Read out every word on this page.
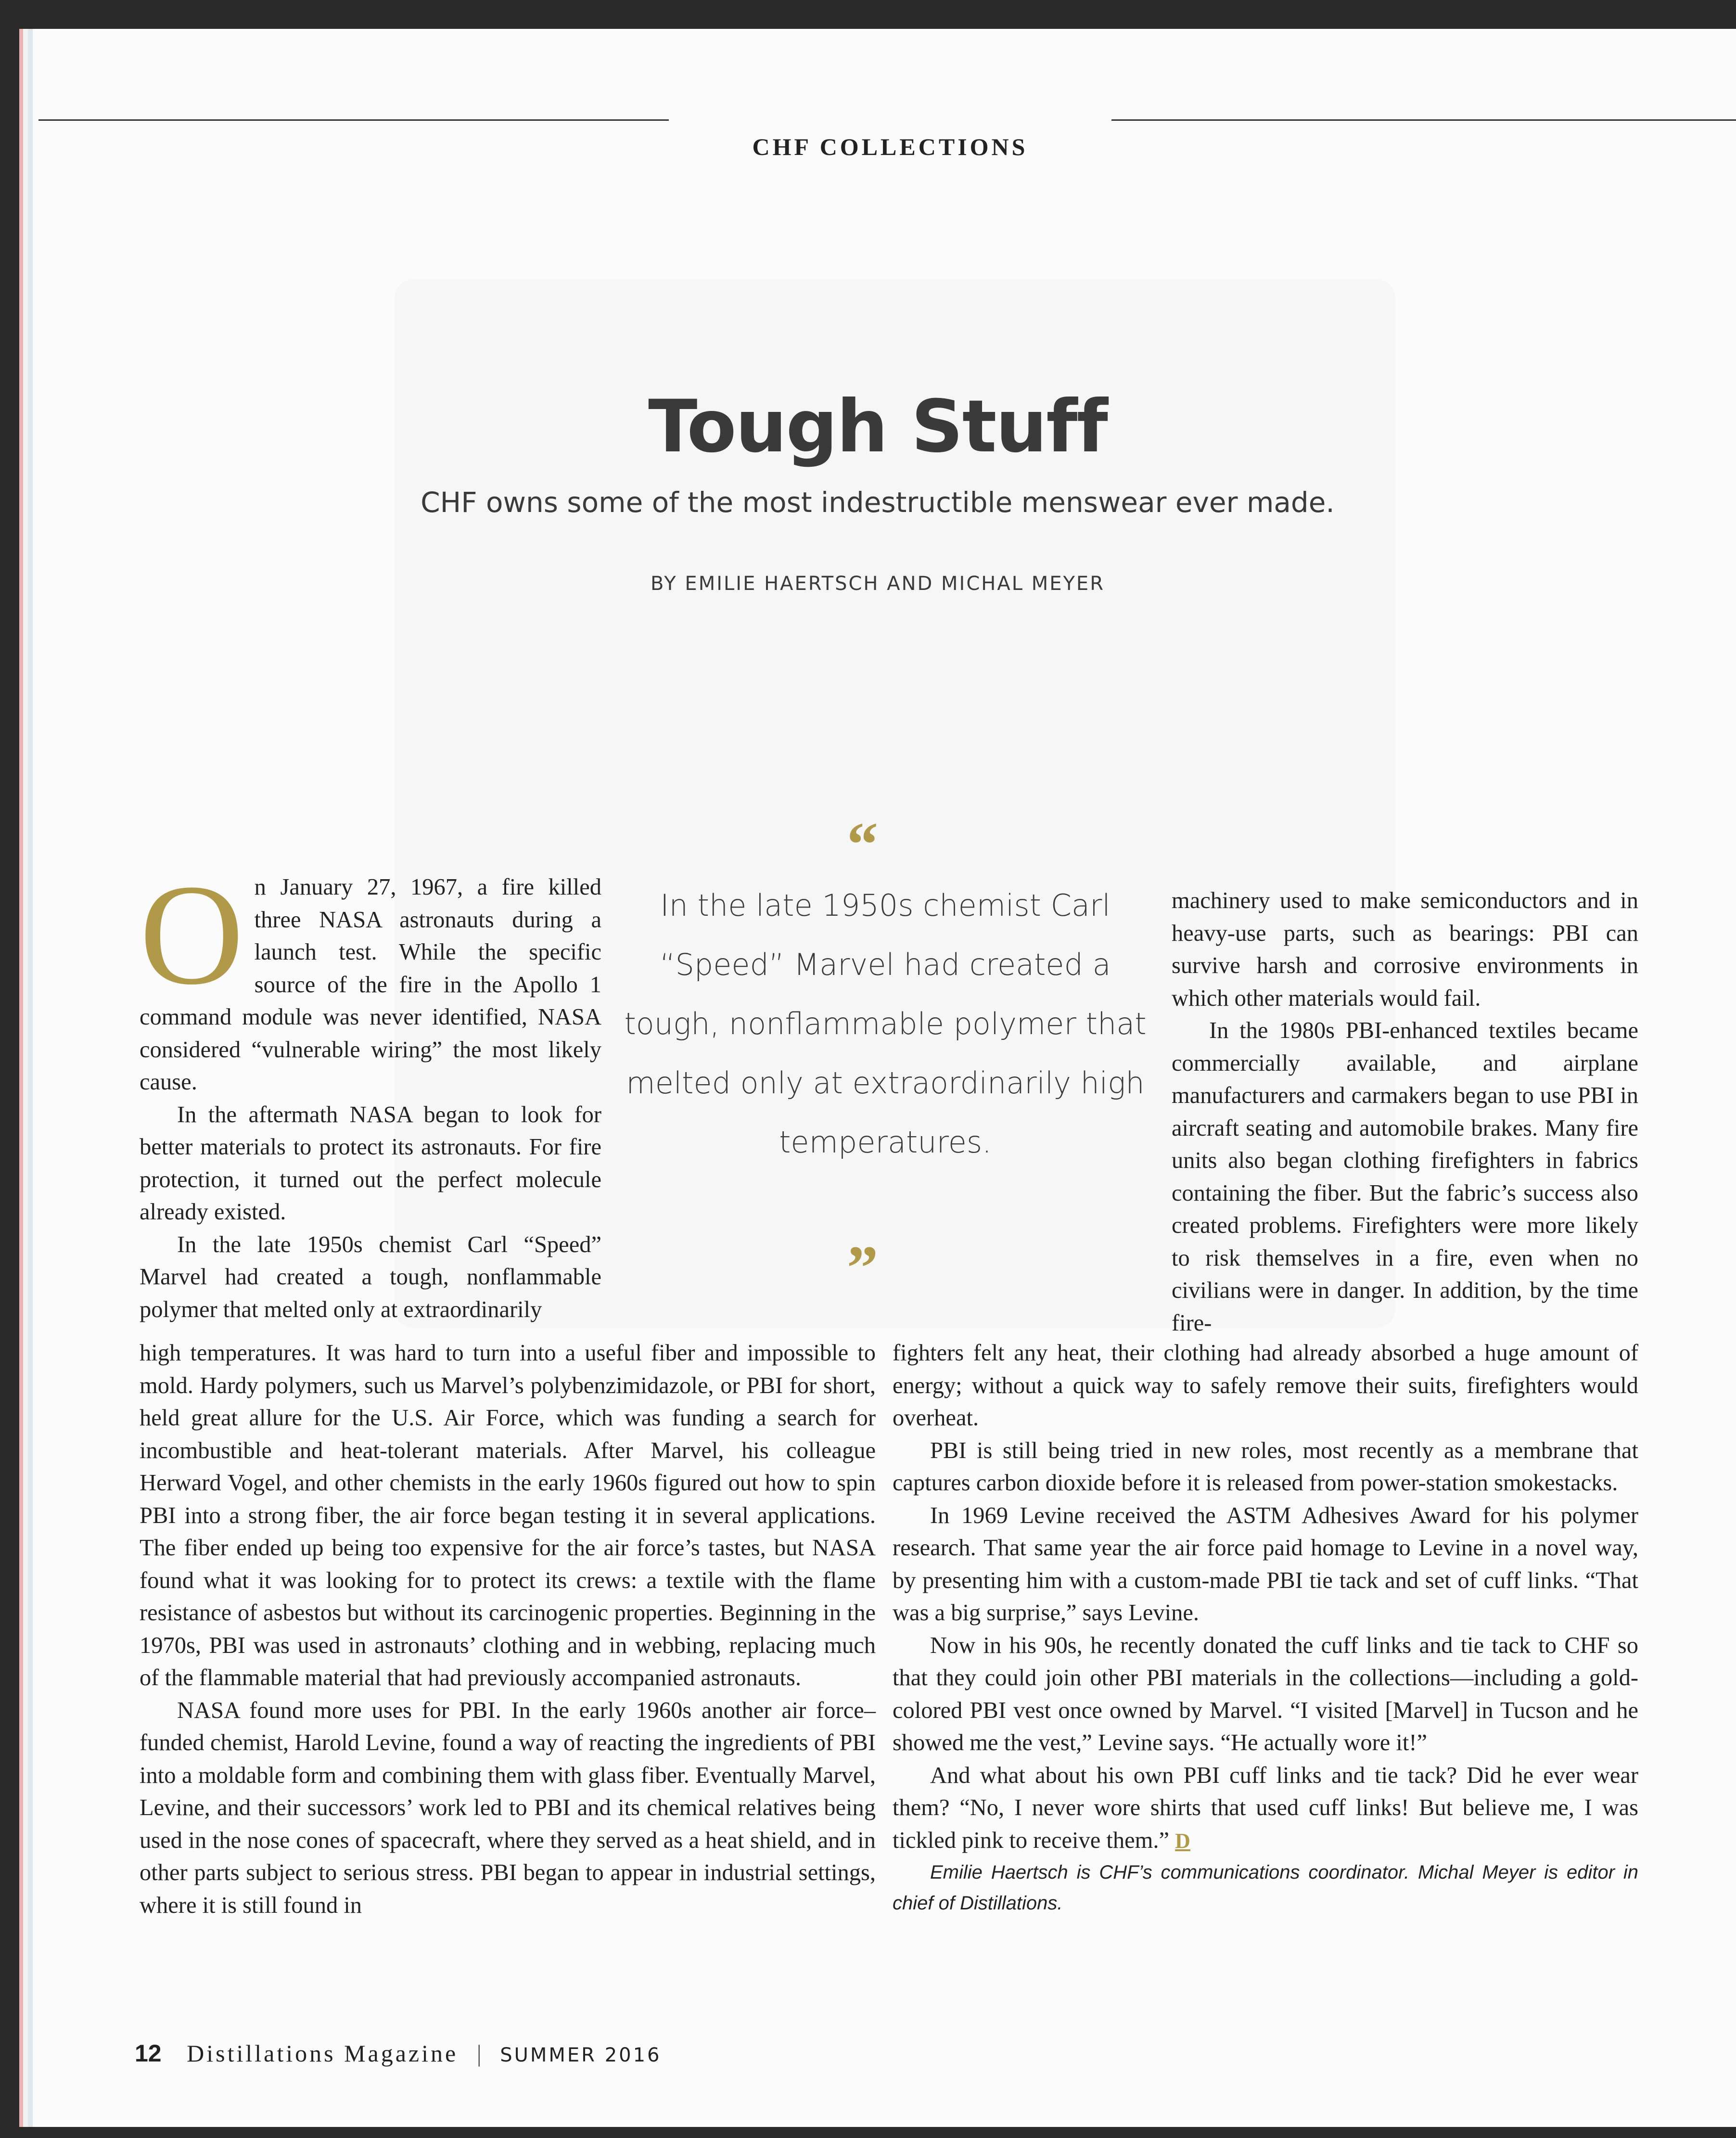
CHF COLLECTIONS
Tough Stuff
CHF owns some of the most indestructible menswear ever made.
BY EMILIE HAERTSCH AND MICHAL MEYER

On January 27, 1967, a fire killed three NASA astronauts during a launch test. While the specific source of the fire in the Apollo 1 command module was never identified, NASA considered “vulnerable wiring” the most likely cause.

In the aftermath NASA began to look for better materials to protect its astronauts. For fire protection, it turned out the perfect molecule already existed.

In the late 1950s chemist Carl “Speed” Marvel had created a tough, nonflammable polymer that melted only at extraordinarily

“
In the late 1950s chemist Carl “Speed” Marvel had created a tough, nonflammable polymer that melted only at extraordinarily high temperatures.
”

machinery used to make semiconductors and in heavy-use parts, such as bearings: PBI can survive harsh and corrosive environments in which other materials would fail.

In the 1980s PBI-enhanced textiles became commercially available, and airplane manufacturers and carmakers began to use PBI in aircraft seating and automobile brakes. Many fire units also began clothing firefighters in fabrics containing the fiber. But the fabric’s success also created problems. Firefighters were more likely to risk themselves in a fire, even when no civilians were in danger. In addition, by the time fire-

high temperatures. It was hard to turn into a useful fiber and impossible to mold. Hardy polymers, such us Marvel’s polybenzimidazole, or PBI for short, held great allure for the U.S. Air Force, which was funding a search for incombustible and heat-tolerant materials. After Marvel, his colleague Herward Vogel, and other chemists in the early 1960s figured out how to spin PBI into a strong fiber, the air force began testing it in several applications. The fiber ended up being too expensive for the air force’s tastes, but NASA found what it was looking for to protect its crews: a textile with the flame resistance of asbestos but without its carcinogenic properties. Beginning in the 1970s, PBI was used in astronauts’ clothing and in webbing, replacing much of the flammable material that had previously accompanied astronauts.

NASA found more uses for PBI. In the early 1960s another air force–funded chemist, Harold Levine, found a way of reacting the ingredients of PBI into a moldable form and combining them with glass fiber. Eventually Marvel, Levine, and their successors’ work led to PBI and its chemical relatives being used in the nose cones of spacecraft, where they served as a heat shield, and in other parts subject to serious stress. PBI began to appear in industrial settings, where it is still found in

fighters felt any heat, their clothing had already absorbed a huge amount of energy; without a quick way to safely remove their suits, firefighters would overheat.

PBI is still being tried in new roles, most recently as a membrane that captures carbon dioxide before it is released from power-station smokestacks.

In 1969 Levine received the ASTM Adhesives Award for his polymer research. That same year the air force paid homage to Levine in a novel way, by presenting him with a custom-made PBI tie tack and set of cuff links. “That was a big surprise,” says Levine.

Now in his 90s, he recently donated the cuff links and tie tack to CHF so that they could join other PBI materials in the collections—including a gold-colored PBI vest once owned by Marvel. “I visited [Marvel] in Tucson and he showed me the vest,” Levine says. “He actually wore it!”

And what about his own PBI cuff links and tie tack? Did he ever wear them? “No, I never wore shirts that used cuff links! But believe me, I was tickled pink to receive them.” D

Emilie Haertsch is CHF’s communications coordinator. Michal Meyer is editor in chief of Distillations.

12 Distillations Magazine | SUMMER 2016
